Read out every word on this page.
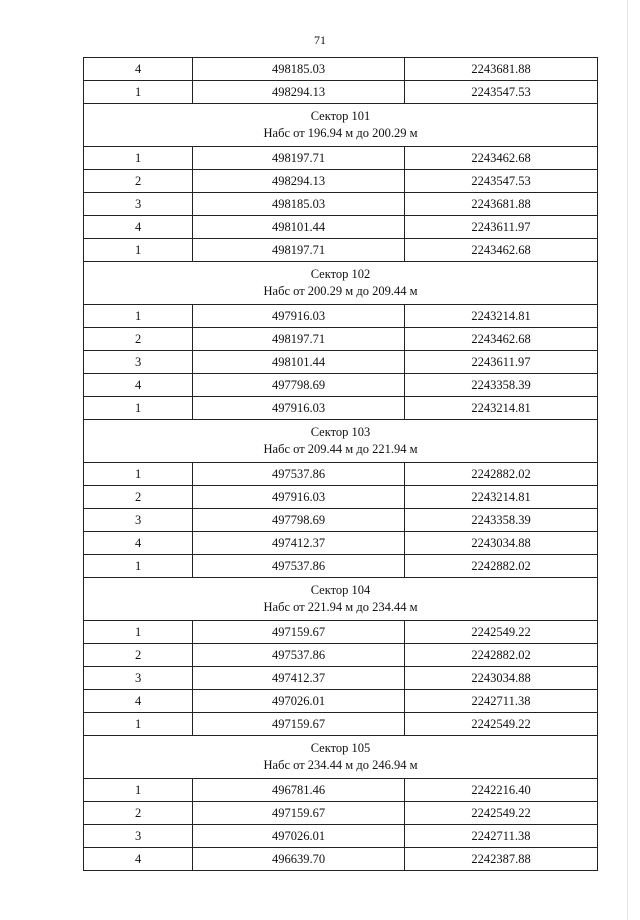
71
4	498185.03	2243681.88
1	498294.13	2243547.53

Сектор 101
Набс от 196.94 м до 200.29 м		

1	498197.71	2243462.68
2	498294.13	2243547.53
3	498185.03	2243681.88
4	498101.44	2243611.97
1	498197.71	2243462.68

Сектор 102
Набс от 200.29 м до 209.44 м		

1	497916.03	2243214.81
2	498197.71	2243462.68
3	498101.44	2243611.97
4	497798.69	2243358.39
1	497916.03	2243214.81

Сектор 103
Набс от 209.44 м до 221.94 м		

1	497537.86	2242882.02
2	497916.03	2243214.81
3	497798.69	2243358.39
4	497412.37	2243034.88
1	497537.86	2242882.02

Сектор 104
Набс от 221.94 м до 234.44 м		

1	497159.67	2242549.22
2	497537.86	2242882.02
3	497412.37	2243034.88
4	497026.01	2242711.38
1	497159.67	2242549.22

Сектор 105
Набс от 234.44 м до 246.94 м		

1	496781.46	2242216.40
2	497159.67	2242549.22
3	497026.01	2242711.38
4	496639.70	2242387.88
